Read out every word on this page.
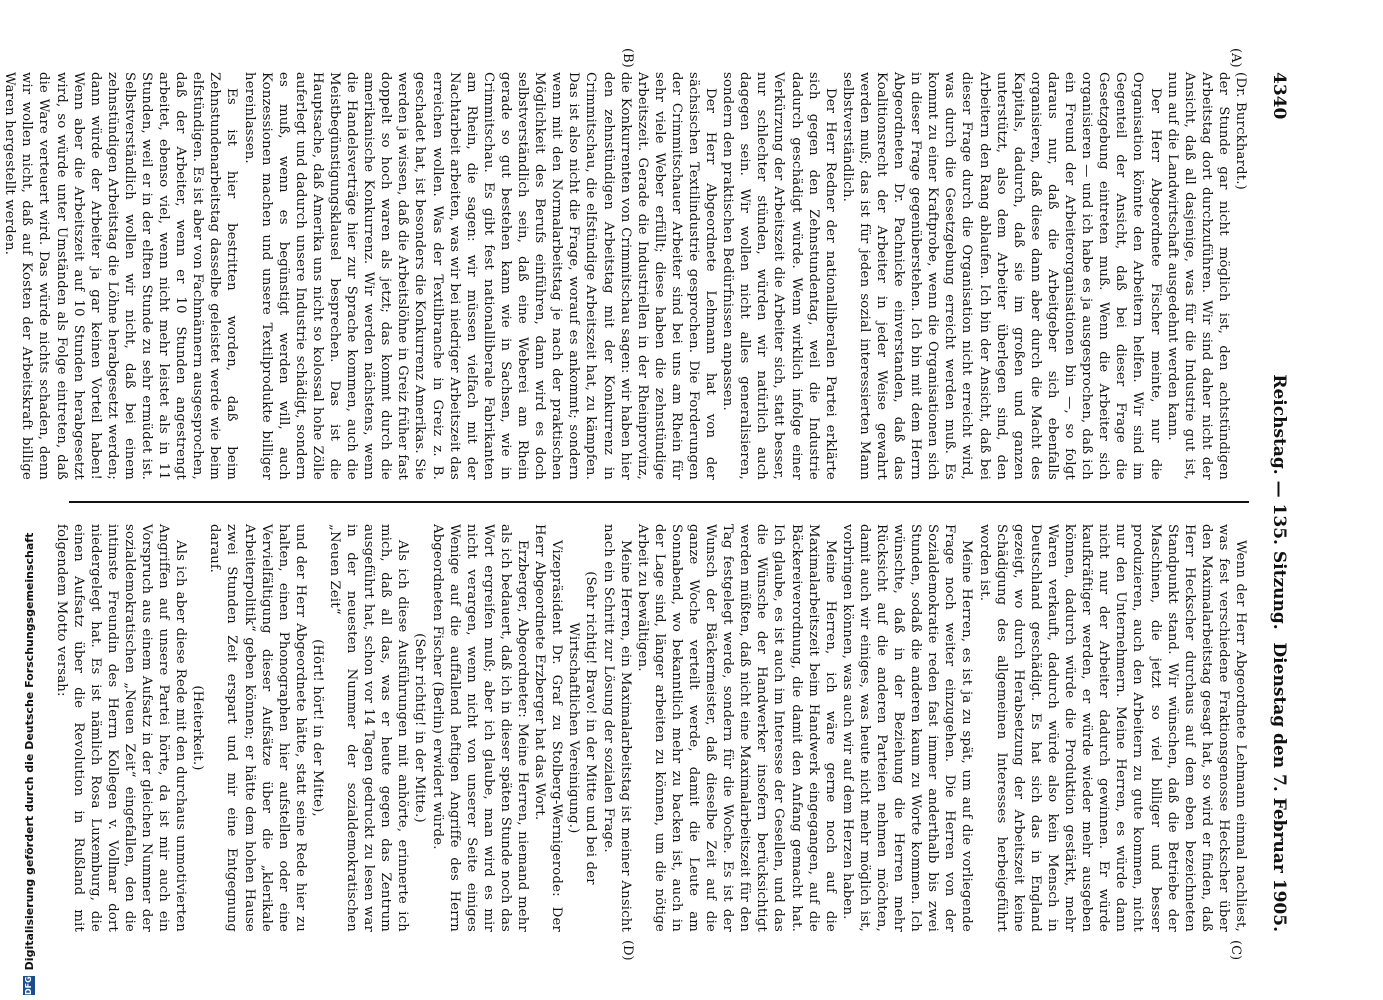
4340
Reichstag. — 135. Sitzung.
Dienstag den 7. Februar 1905.
(A)
(B)
(C)
(D)

(Dr. Burckhardt.)

der Stunde gar nicht möglich ist, den achtstündigen Arbeitstag dort durchzuführen. Wir sind daher nicht der Ansicht, daß all dasjenige, was für die Industrie gut ist, nun auf die Landwirtschaft ausgedehnt werden kann.

Der Herr Abgeordnete Fischer meinte, nur die Organisation könnte den Arbeitern helfen. Wir sind im Gegenteil der Ansicht, daß bei dieser Frage die Gesetzgebung eintreten muß. Wenn die Arbeiter sich organisieren — und ich habe es ja ausgesprochen, daß ich ein Freund der Arbeiterorganisationen bin —, so folgt daraus nur, daß die Arbeitgeber sich ebenfalls organisieren, daß diese dann aber durch die Macht des Kapitals, dadurch, daß sie im großen und ganzen unterstützt, also dem Arbeiter überlegen sind, den Arbeitern den Rang ablaufen. Ich bin der Ansicht, daß bei dieser Frage durch die Organisation nicht erreicht wird, was durch die Gesetzgebung erreicht werden muß. Es kommt zu einer Kraftprobe, wenn die Organisationen sich in dieser Frage gegenüberstehen. Ich bin mit dem Herrn Abgeordneten Dr. Pachnicke einverstanden, daß das Koalitionsrecht der Arbeiter in jeder Weise gewahrt werden muß; das ist für jeden sozial interessierten Mann selbstverständlich.

Der Herr Redner der nationalliberalen Partei erklärte sich gegen den Zehnstundentag, weil die Industrie dadurch geschädigt würde. Wenn wirklich infolge einer Verkürzung der Arbeitszeit die Arbeiter sich, statt besser, nur schlechter stünden, würden wir natürlich auch dagegen sein. Wir wollen nicht alles generalisieren, sondern den praktischen Bedürfnissen anpassen.

Der Herr Abgeordnete Lehmann hat von der sächsischen Textilindustrie gesprochen. Die Forderungen der Crimmitschauer Arbeiter sind bei uns am Rhein für sehr viele Weber erfüllt; diese haben die zehnstündige Arbeitszeit. Gerade die Industriellen in der Rheinprovinz, die Konkurrenten von Crimmitschau sagen: wir haben hier den zehnstündigen Arbeitstag mit der Konkurrenz in Crimmitschau, die elfstündige Arbeitszeit hat, zu kämpfen. Das ist also nicht die Frage, worauf es ankommt; sondern wenn mit den Normalarbeitstag je nach der praktischen Möglichkeit des Berufs einführen, dann wird es doch selbstverständlich sein, daß eine Weberei am Rhein gerade so gut bestehen kann wie in Sachsen, wie in Crimmitschau. Es gibt fest nationalliberale Fabrikanten am Rhein, die sagen: wir müssen vielfach mit der Nachtarbeit arbeiten, was wir bei niedriger Arbeitszeit das erreichen wollen. Was der Textilbranche in Greiz z. B. geschadet hat, ist besonders die Konkurrenz Amerikas. Sie werden ja wissen, daß die Arbeitslöhne in Greiz früher fast doppelt so hoch waren als jetzt; das kommt durch die amerikanische Konkurrenz. Wir werden nächstens, wenn die Handelsverträge hier zur Sprache kommen, auch die Meistbegünstigungsklausel besprechen. Das ist die Hauptsache, daß Amerika uns nicht so kolossal hohe Zölle auferlegt und dadurch unsere Industrie schädigt, sondern es muß, wenn es begünstigt werden will, auch Konzessionen machen und unsere Textilprodukte billiger hereinlassen.

Es ist hier bestritten worden, daß beim Zehnstundenarbeitstag dasselbe geleistet werde wie beim elfstündigen. Es ist aber von Fachmännern ausgesprochen, daß der Arbeiter, wenn er 10 Stunden angestrengt arbeitet, ebenso viel, wenn nicht mehr leistet als in 11 Stunden, weil er in der elften Stunde zu sehr ermüdet ist. Selbstverständlich wollen wir nicht, daß bei einem zehnstündigen Arbeitstag die Löhne herabgesetzt werden; dann würde der Arbeiter ja gar keinen Vorteil haben! Wenn aber die Arbeitszeit auf 10 Stunden herabgesetzt wird, so würde unter Umständen als Folge eintreten, daß die Ware verteuert wird. Das würde nichts schaden, denn wir wollen nicht, daß auf Kosten der Arbeitskraft billige Waren hergestellt werden.

Wenn der Herr Abgeordnete Lehmann einmal nachliest, was fest verschiedene Fraktionsgenosse Heckscher über den Maximalarbeitstag gesagt hat, so wird er finden, daß Herr Heckscher durchaus auf dem eben bezeichneten Standpunkt stand. Wir wünschen, daß die Betriebe der Maschinen, die jetzt so viel billiger und besser produzieren, auch den Arbeitern zu gute kommen, nicht nur den Unternehmern. Meine Herren, es würde dann nicht nur der Arbeiter dadurch gewinnen. Er würde kaufkräftiger werden, er würde wieder mehr ausgeben können, dadurch würde die Produktion gestärkt, mehr Waren verkauft, dadurch würde also kein Mensch in Deutschland geschädigt. Es hat sich das in England gezeigt, wo durch Herabsetzung der Arbeitszeit keine Schädigung des allgemeinen Interesses herbeigeführt worden ist.

Meine Herren, es ist ja zu spät, um auf die vorliegende Frage noch weiter einzugehen. Die Herren von der Sozialdemokratie reden fast immer anderthalb bis zwei Stunden, sodaß die anderen kaum zu Worte kommen. Ich wünschte, daß in der Beziehung die Herren mehr Rücksicht auf die anderen Parteien nehmen möchten, damit auch wir einiges, was heute nicht mehr möglich ist, vorbringen können, was auch wir auf dem Herzen haben.

Meine Herren, ich wäre gerne noch auf die Maximalarbeitszeit beim Handwerk eingegangen, auf die Bäckereiverordnung, die damit den Anfang gemacht hat. Ich glaube, es ist auch im Interesse der Gesellen, und das die Wünsche der Handwerker insofern berücksichtigt werden müßten, daß nicht eine Maximalarbeitszeit für den Tag festgelegt werde, sondern für die Woche. Es ist der Wunsch der Bäckermeister, daß dieselbe Zeit auf die ganze Woche verteilt werde, damit die Leute am Sonnabend, wo bekanntlich mehr zu backen ist, auch in der Lage sind, länger arbeiten zu können, um die nötige Arbeit zu bewältigen.

Meine Herren, ein Maximalarbeitstag ist meiner Ansicht nach ein Schritt zur Lösung der sozialen Frage.

(Sehr richtig! Bravo! in der Mitte und bei der Wirtschaftlichen Vereinigung.)

Vizepräsident Dr. Graf zu Stolberg-Wernigerode: Der Herr Abgeordnete Erzberger hat das Wort.

Erzberger, Abgeordneter: Meine Herren, niemand mehr als ich bedauert, daß ich in dieser späten Stunde noch das Wort ergreifen muß; aber ich glaube, man wird es mir nicht verargen, wenn nicht von unserer Seite einiges Wenige auf die auffallend heftigen Angriffe des Herrn Abgeordneten Fischer (Berlin) erwidert würde.

(Sehr richtig! in der Mitte.)

Als ich diese Ausführungen mit anhörte, erinnerte ich mich, daß all das, was er heute gegen das Zentrum ausgeführt hat, schon vor 14 Tagen gedruckt zu lesen war in der neuesten Nummer der sozialdemokratischen „Neuen Zeit“

(Hört! hört! in der Mitte),

und der Herr Abgeordnete hätte, statt seine Rede hier zu halten, einen Phonographen hier aufstellen oder eine Vervielfältigung dieser Aufsätze über die „klerikale Arbeiterpolitik“ geben können; er hätte dem hohen Hause zwei Stunden Zeit erspart und mir eine Entgegnung darauf.

(Heiterkeit.)

Als ich aber diese Rede mit den durchaus unmotivierten Angriffen auf unsere Partei hörte, da ist mir auch ein Vorspruch aus einem Aufsatz in der gleichen Nummer der sozialdemokratischen „Neuen Zeit“ eingefallen, den die intimste Freundin des Herrn Kollegen v. Vollmar dort niedergelegt hat. Es ist nämlich Rosa Luxemburg, die einen Aufsatz über die Revolution in Rußland mit folgendem Motto versah:

DFG
Digitalisierung gefördert durch die Deutsche Forschungsgemeinschaft
